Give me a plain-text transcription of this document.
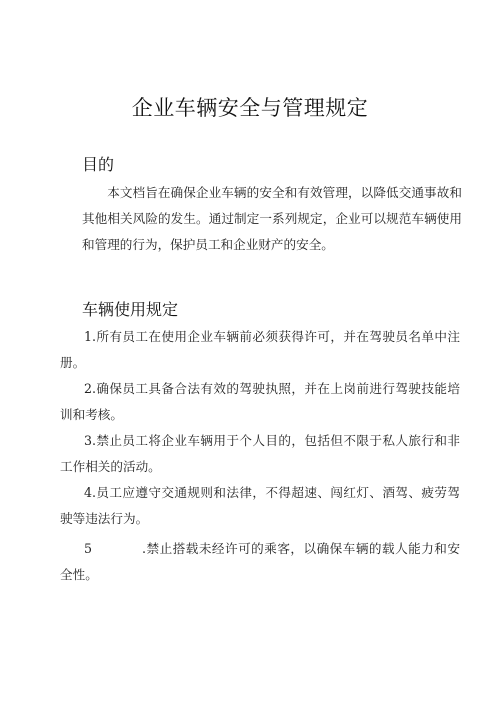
企业车辆安全与管理规定
目的
本文档旨在确保企业车辆的安全和有效管理，以降低交通事故和其他相关风险的发生。通过制定一系列规定，企业可以规范车辆使用和管理的行为，保护员工和企业财产的安全。
车辆使用规定
1.所有员工在使用企业车辆前必须获得许可，并在驾驶员名单中注册。
2.确保员工具备合法有效的驾驶执照，并在上岗前进行驾驶技能培训和考核。
3.禁止员工将企业车辆用于个人目的，包括但不限于私人旅行和非工作相关的活动。
4.员工应遵守交通规则和法律，不得超速、闯红灯、酒驾、疲劳驾驶等违法行为。
5	.禁止搭载未经许可的乘客，以确保车辆的载人能力和安全性。
